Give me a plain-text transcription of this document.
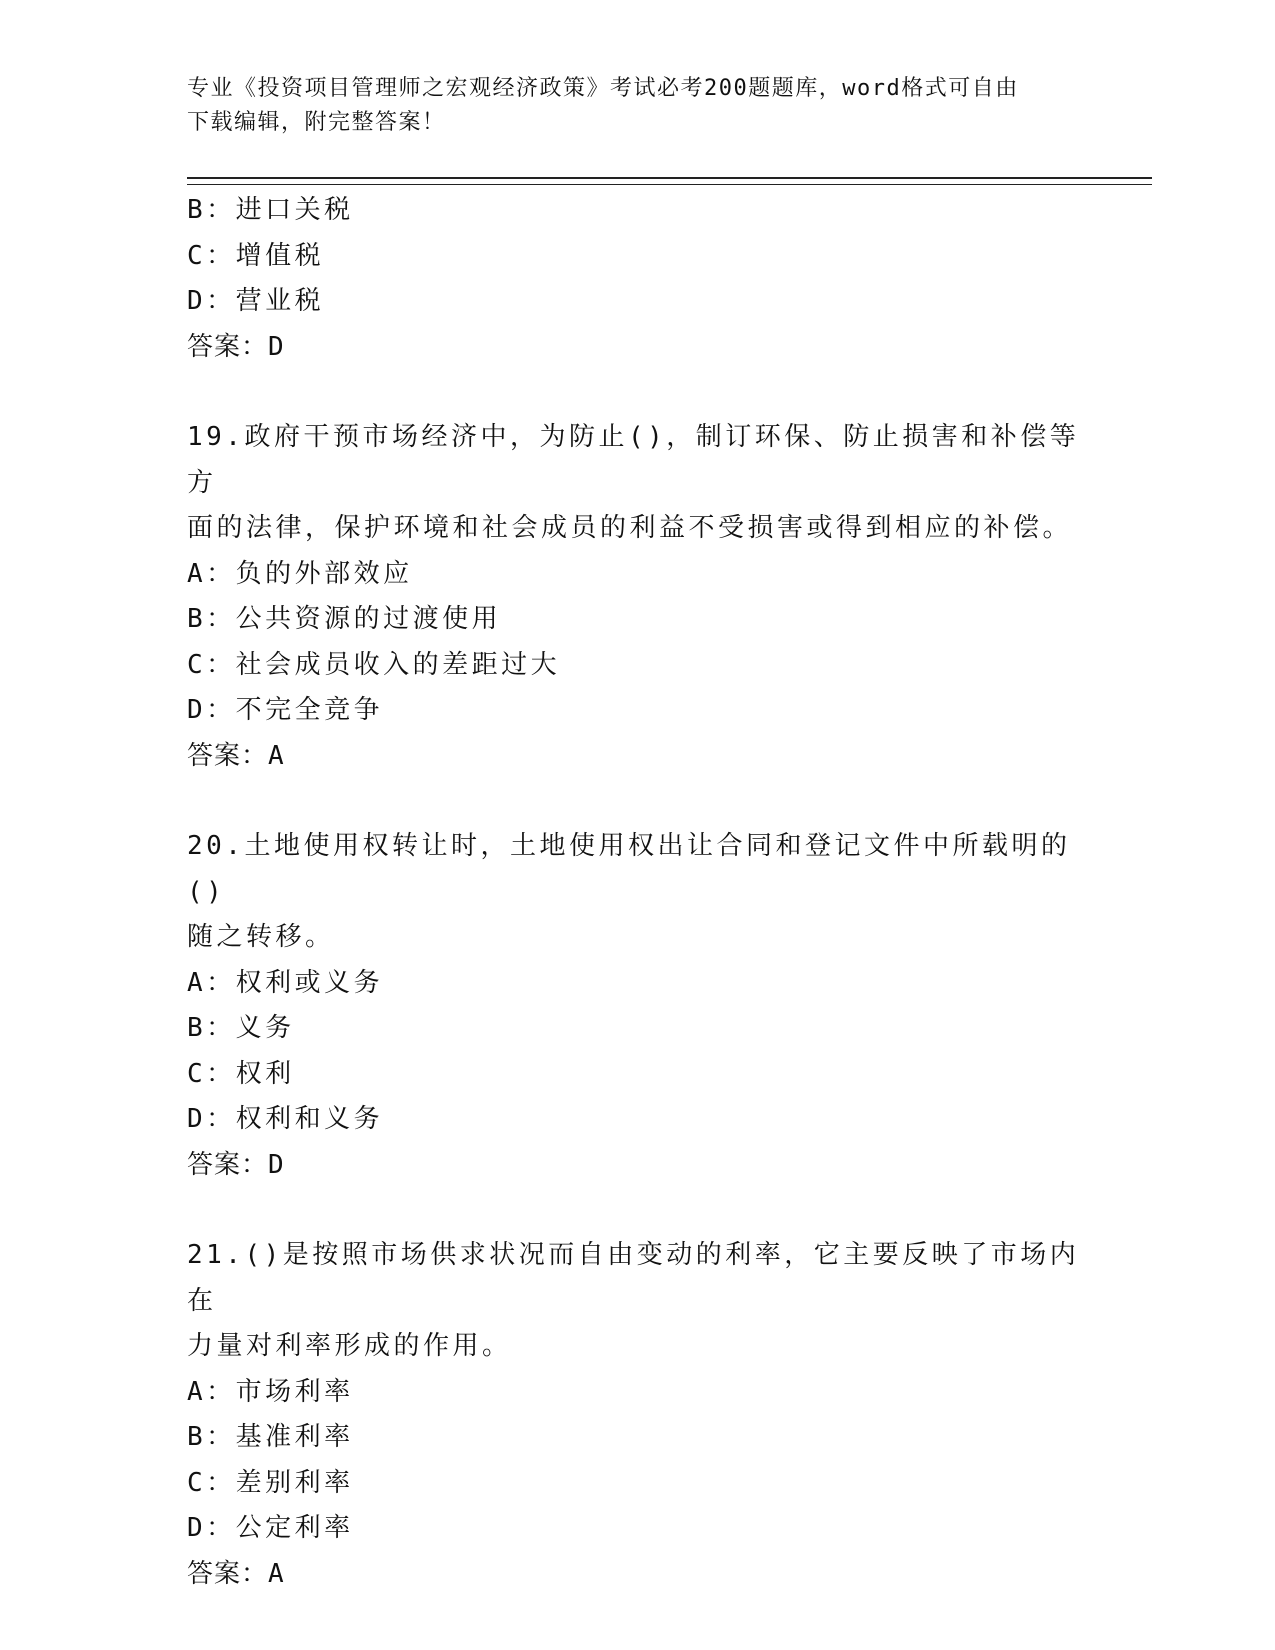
专业《投资项目管理师之宏观经济政策》考试必考200题题库，word格式可自由
下载编辑，附完整答案！
B：进口关税
C：增值税
D：营业税
答案：D
19.政府干预市场经济中，为防止()，制订环保、防止损害和补偿等方
面的法律，保护环境和社会成员的利益不受损害或得到相应的补偿。
A：负的外部效应
B：公共资源的过渡使用
C：社会成员收入的差距过大
D：不完全竞争
答案：A
20.土地使用权转让时，土地使用权出让合同和登记文件中所载明的()
随之转移。
A：权利或义务
B：义务
C：权利
D：权利和义务
答案：D
21.()是按照市场供求状况而自由变动的利率，它主要反映了市场内在
力量对利率形成的作用。
A：市场利率
B：基准利率
C：差别利率
D：公定利率
答案：A
